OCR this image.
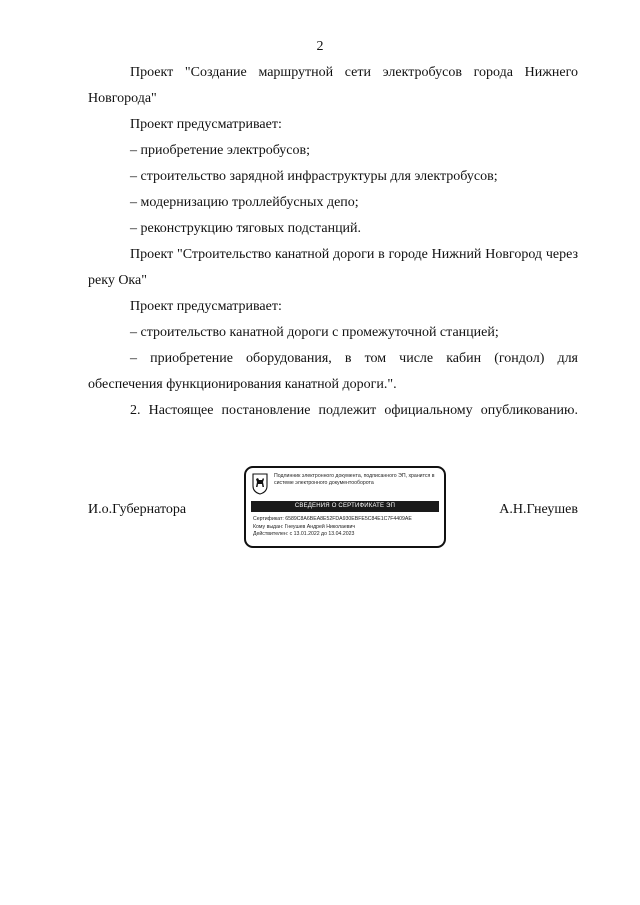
2

Проект "Создание маршрутной сети электробусов города Нижнего Новгорода"

Проект предусматривает:

– приобретение электробусов;

– строительство зарядной инфраструктуры для электробусов;

– модернизацию троллейбусных депо;

– реконструкцию тяговых подстанций.

Проект "Строительство канатной дороги в городе Нижний Новгород через реку Ока"

Проект предусматривает:

– строительство канатной дороги с промежуточной станцией;

– приобретение оборудования, в том числе кабин (гондол) для обеспечения функционирования канатной дороги.".

2. Настоящее постановление подлежит официальному опубликованию.

И.о.Губернатора
Подлинник электронного документа, подписанного ЭП, хранится в системе электронного документооборота
СВЕДЕНИЯ О СЕРТИФИКАТЕ ЭП
Сертификат: 6589C8A6BEA8E52FDA930EBFE5C84E1C7F4409AE
Кому выдан: Гнеушев Андрей Николаевич
Действителен: с 13.01.2022 до 13.04.2023
А.Н.Гнеушев
